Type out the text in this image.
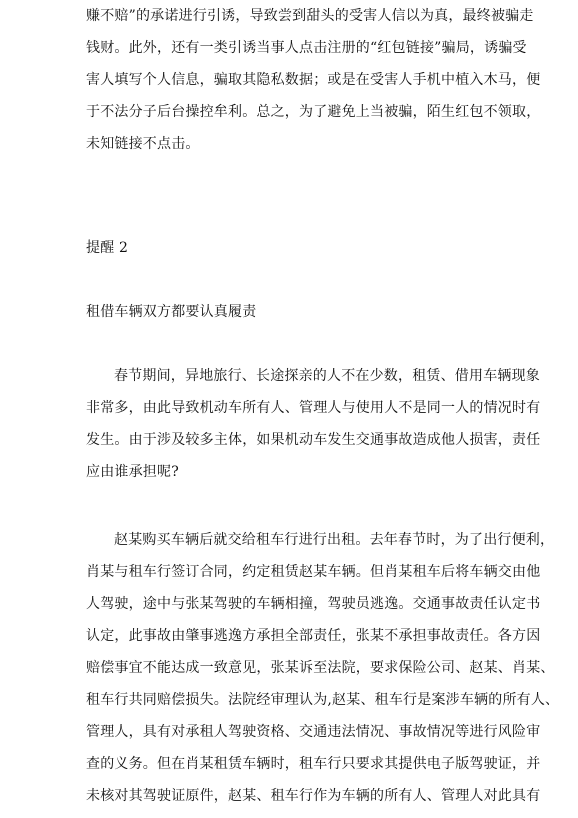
赚不赔”的承诺进行引诱，导致尝到甜头的受害人信以为真，最终被骗走
钱财。此外，还有一类引诱当事人点击注册的“红包链接”骗局，诱骗受
害人填写个人信息，骗取其隐私数据；或是在受害人手机中植入木马，便
于不法分子后台操控牟利。总之，为了避免上当被骗，陌生红包不领取，
未知链接不点击。
提醒 2
租借车辆双方都要认真履责
春节期间，异地旅行、长途探亲的人不在少数，租赁、借用车辆现象
非常多，由此导致机动车所有人、管理人与使用人不是同一人的情况时有
发生。由于涉及较多主体，如果机动车发生交通事故造成他人损害，责任
应由谁承担呢?
赵某购买车辆后就交给租车行进行出租。去年春节时，为了出行便利，
肖某与租车行签订合同，约定租赁赵某车辆。但肖某租车后将车辆交由他
人驾驶，途中与张某驾驶的车辆相撞，驾驶员逃逸。交通事故责任认定书
认定，此事故由肇事逃逸方承担全部责任，张某不承担事故责任。各方因
赔偿事宜不能达成一致意见，张某诉至法院，要求保险公司、赵某、肖某、
租车行共同赔偿损失。法院经审理认为,赵某、租车行是案涉车辆的所有人、
管理人，具有对承租人驾驶资格、交通违法情况、事故情况等进行风险审
查的义务。但在肖某租赁车辆时，租车行只要求其提供电子版驾驶证，并
未核对其驾驶证原件，赵某、租车行作为车辆的所有人、管理人对此具有
